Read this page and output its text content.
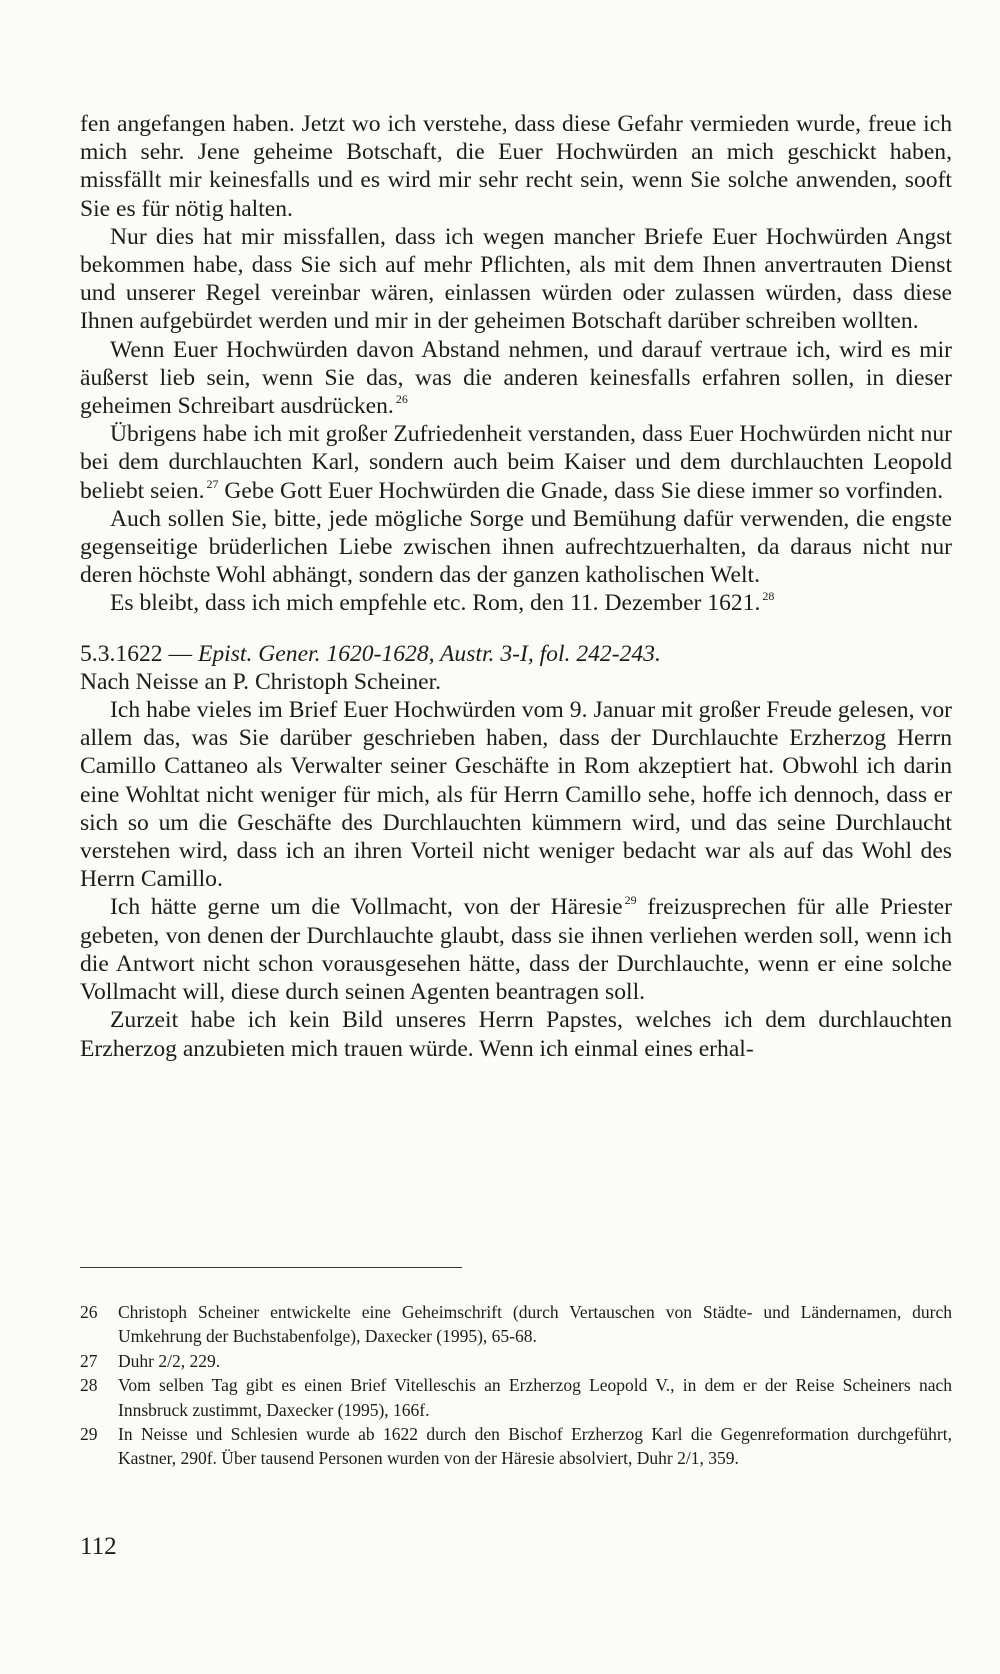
fen angefangen haben. Jetzt wo ich verstehe, dass diese Gefahr vermieden wurde, freue ich mich sehr. Jene geheime Botschaft, die Euer Hochwürden an mich geschickt haben, missfällt mir keinesfalls und es wird mir sehr recht sein, wenn Sie solche anwenden, sooft Sie es für nötig halten.

Nur dies hat mir missfallen, dass ich wegen mancher Briefe Euer Hochwürden Angst bekommen habe, dass Sie sich auf mehr Pflichten, als mit dem Ihnen anvertrauten Dienst und unserer Regel vereinbar wären, einlassen würden oder zulassen würden, dass diese Ihnen aufgebürdet werden und mir in der geheimen Botschaft darüber schreiben wollten.

Wenn Euer Hochwürden davon Abstand nehmen, und darauf vertraue ich, wird es mir äußerst lieb sein, wenn Sie das, was die anderen keinesfalls erfahren sollen, in dieser geheimen Schreibart ausdrücken. $^{26}$

Übrigens habe ich mit großer Zufriedenheit verstanden, dass Euer Hochwürden nicht nur bei dem durchlauchten Karl, sondern auch beim Kaiser und dem durchlauchten Leopold beliebt seien. $^{27}$ Gebe Gott Euer Hochwürden die Gnade, dass Sie diese immer so vorfinden.

Auch sollen Sie, bitte, jede mögliche Sorge und Bemühung dafür verwenden, die engste gegenseitige brüderlichen Liebe zwischen ihnen aufrechtzuerhalten, da daraus nicht nur deren höchste Wohl abhängt, sondern das der ganzen katholischen Welt.

Es bleibt, dass ich mich empfehle etc. Rom, den 11. Dezember 1621. $^{28}$

5.3.1622 — Epist. Gener. 1620-1628, Austr. 3-I, fol. 242-243.

Nach Neisse an P. Christoph Scheiner.

Ich habe vieles im Brief Euer Hochwürden vom 9. Januar mit großer Freude gelesen, vor allem das, was Sie darüber geschrieben haben, dass der Durchlauchte Erzherzog Herrn Camillo Cattaneo als Verwalter seiner Geschäfte in Rom akzeptiert hat. Obwohl ich darin eine Wohltat nicht weniger für mich, als für Herrn Camillo sehe, hoffe ich dennoch, dass er sich so um die Geschäfte des Durchlauchten kümmern wird, und das seine Durchlaucht verstehen wird, dass ich an ihren Vorteil nicht weniger bedacht war als auf das Wohl des Herrn Camillo.

Ich hätte gerne um die Vollmacht, von der Häresie $^{29}$ freizusprechen für alle Priester gebeten, von denen der Durchlauchte glaubt, dass sie ihnen verliehen werden soll, wenn ich die Antwort nicht schon vorausgesehen hätte, dass der Durchlauchte, wenn er eine solche Vollmacht will, diese durch seinen Agenten beantragen soll.

Zurzeit habe ich kein Bild unseres Herrn Papstes, welches ich dem durchlauchten Erzherzog anzubieten mich trauen würde. Wenn ich einmal eines erhal-

26	Christoph Scheiner entwickelte eine Geheimschrift (durch Vertauschen von Städte- und Ländernamen, durch Umkehrung der Buchstabenfolge), Daxecker (1995), 65-68.
27	Duhr 2/2, 229.
28	Vom selben Tag gibt es einen Brief Vitelleschis an Erzherzog Leopold V., in dem er der Reise Scheiners nach Innsbruck zustimmt, Daxecker (1995), 166f.
29	In Neisse und Schlesien wurde ab 1622 durch den Bischof Erzherzog Karl die Gegenreformation durchgeführt, Kastner, 290f. Über tausend Personen wurden von der Häresie absolviert, Duhr 2/1, 359.
112
